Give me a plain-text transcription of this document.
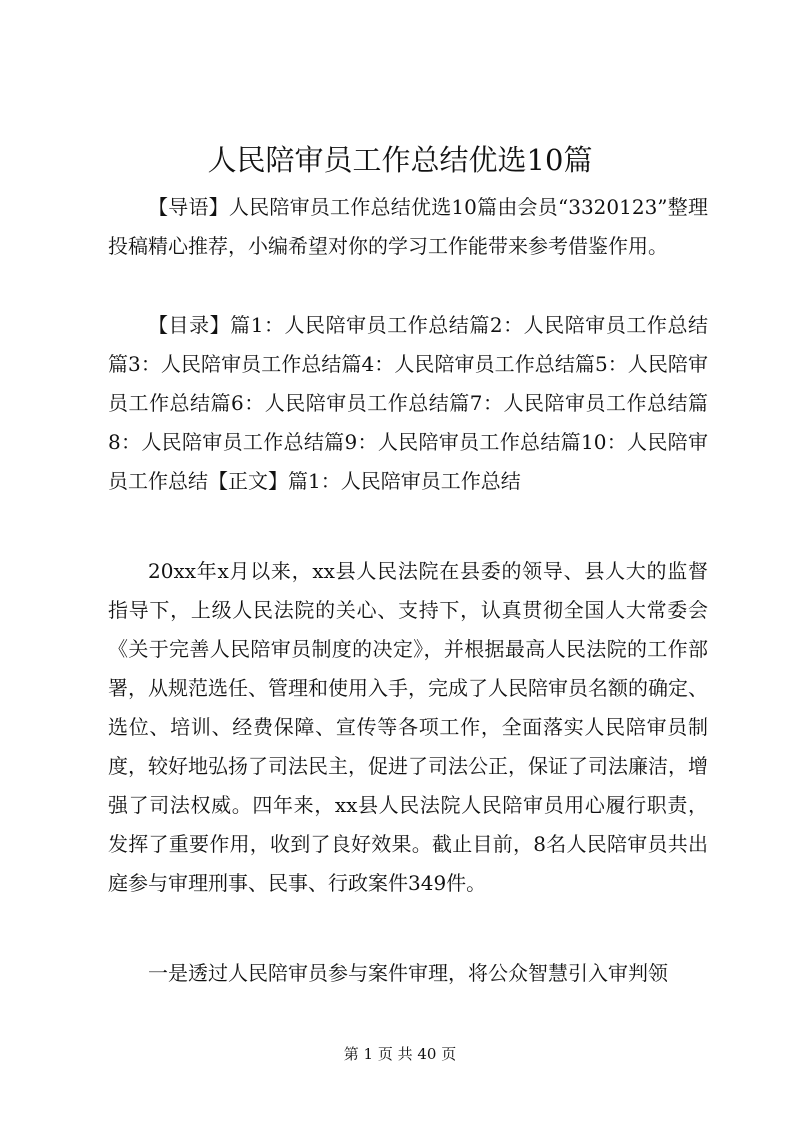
人民陪审员工作总结优选10篇

【导语】人民陪审员工作总结优选10篇由会员“3320123”整理投稿精心推荐，小编希望对你的学习工作能带来参考借鉴作用。

【目录】篇1：人民陪审员工作总结篇2：人民陪审员工作总结篇3：人民陪审员工作总结篇4：人民陪审员工作总结篇5：人民陪审员工作总结篇6：人民陪审员工作总结篇7：人民陪审员工作总结篇8：人民陪审员工作总结篇9：人民陪审员工作总结篇10：人民陪审员工作总结【正文】篇1：人民陪审员工作总结

20xx年x月以来，xx县人民法院在县委的领导、县人大的监督指导下，上级人民法院的关心、支持下，认真贯彻全国人大常委会《关于完善人民陪审员制度的决定》，并根据最高人民法院的工作部署，从规范选任、管理和使用入手，完成了人民陪审员名额的确定、选位、培训、经费保障、宣传等各项工作，全面落实人民陪审员制度，较好地弘扬了司法民主，促进了司法公正，保证了司法廉洁，增强了司法权威。四年来，xx县人民法院人民陪审员用心履行职责，发挥了重要作用，收到了良好效果。截止目前，8名人民陪审员共出庭参与审理刑事、民事、行政案件349件。

一是透过人民陪审员参与案件审理，将公众智慧引入审判领

第 1 页 共 40 页
